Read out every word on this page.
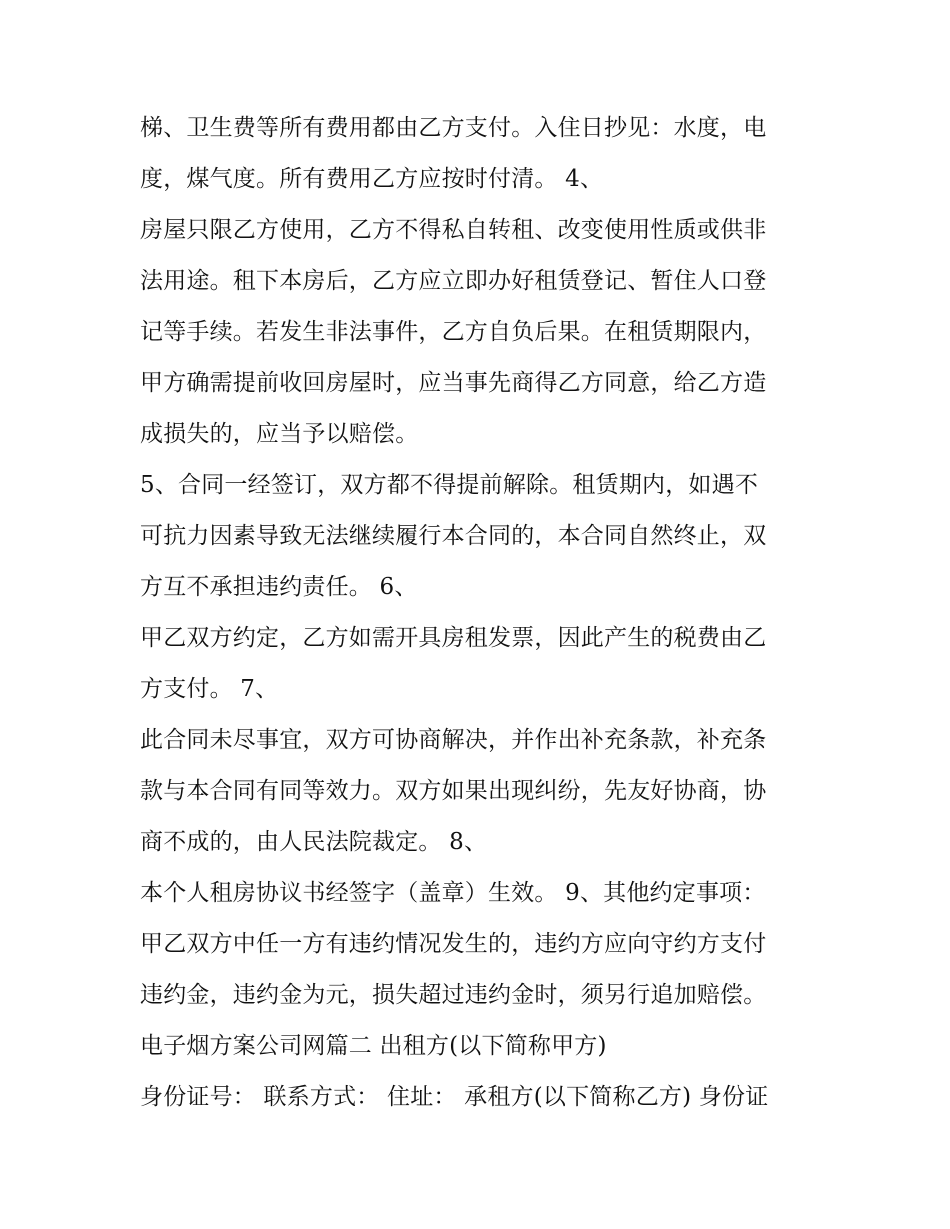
梯、卫生费等所有费用都由乙方支付。入住日抄见：水度，电
度，煤气度。所有费用乙方应按时付清。 4、
房屋只限乙方使用，乙方不得私自转租、改变使用性质或供非
法用途。租下本房后，乙方应立即办好租赁登记、暂住人口登
记等手续。若发生非法事件，乙方自负后果。在租赁期限内，
甲方确需提前收回房屋时，应当事先商得乙方同意，给乙方造
成损失的，应当予以赔偿。
5、合同一经签订，双方都不得提前解除。租赁期内，如遇不
可抗力因素导致无法继续履行本合同的，本合同自然终止，双
方互不承担违约责任。 6、
甲乙双方约定，乙方如需开具房租发票，因此产生的税费由乙
方支付。 7、
此合同未尽事宜，双方可协商解决，并作出补充条款，补充条
款与本合同有同等效力。双方如果出现纠纷，先友好协商，协
商不成的，由人民法院裁定。 8、
本个人租房协议书经签字（盖章）生效。 9、其他约定事项：
甲乙双方中任一方有违约情况发生的，违约方应向守约方支付
违约金，违约金为元，损失超过违约金时，须另行追加赔偿。
电子烟方案公司网篇二 出租方(以下简称甲方)
身份证号： 联系方式： 住址： 承租方(以下简称乙方) 身份证
